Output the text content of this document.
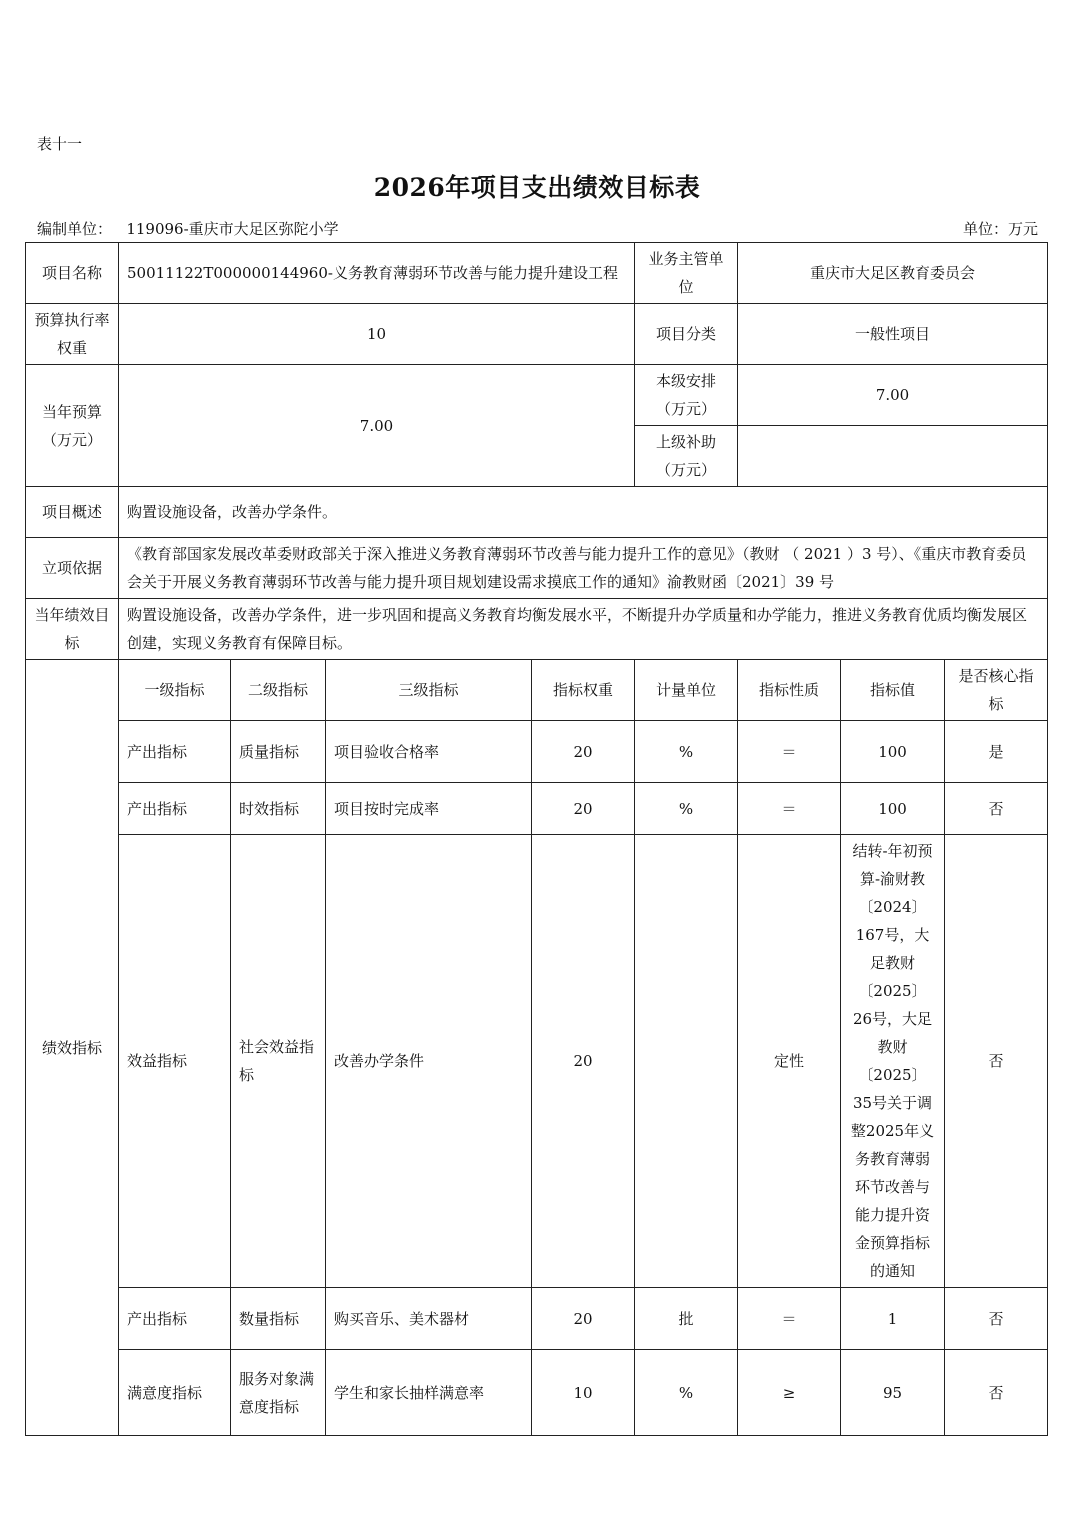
表十一
2026年项目支出绩效目标表
编制单位： 119096-重庆市大足区弥陀小学	单位：万元
项目名称	50011122T000000144960-义务教育薄弱环节改善与能力提升建设工程				业务主管单位	重庆市大足区教育委员会		
预算执行率权重	10				项目分类	一般性项目		
当年预算（万元）	7.00				本级安排（万元）	7.00		
					上级补助（万元）			
项目概述	购置设施设备，改善办学条件。							
立项依据	《教育部国家发展改革委财政部关于深入推进义务教育薄弱环节改善与能力提升工作的意见》（教财 （ 2021 ）3 号）、《重庆市教育委员会关于开展义务教育薄弱环节改善与能力提升项目规划建设需求摸底工作的通知》渝教财函〔2021〕39 号							
当年绩效目标	购置设施设备，改善办学条件，进一步巩固和提高义务教育均衡发展水平，不断提升办学质量和办学能力，推进义务教育优质均衡发展区创建，实现义务教育有保障目标。							
绩效指标	一级指标	二级指标	三级指标	指标权重	计量单位	指标性质	指标值	是否核心指标
	产出指标	质量指标	项目验收合格率	20	%	＝	100	是
	产出指标	时效指标	项目按时完成率	20	%	＝	100	否
	效益指标	社会效益指标	改善办学条件	20		定性	结转-年初预算-渝财教〔2024〕167号，大足教财〔2025〕26号，大足教财〔2025〕35号关于调整2025年义务教育薄弱环节改善与能力提升资金预算指标的通知	否
	产出指标	数量指标	购买音乐、美术器材	20	批	＝	1	否
	满意度指标	服务对象满意度指标	学生和家长抽样满意率	10	%	≥	95	否
